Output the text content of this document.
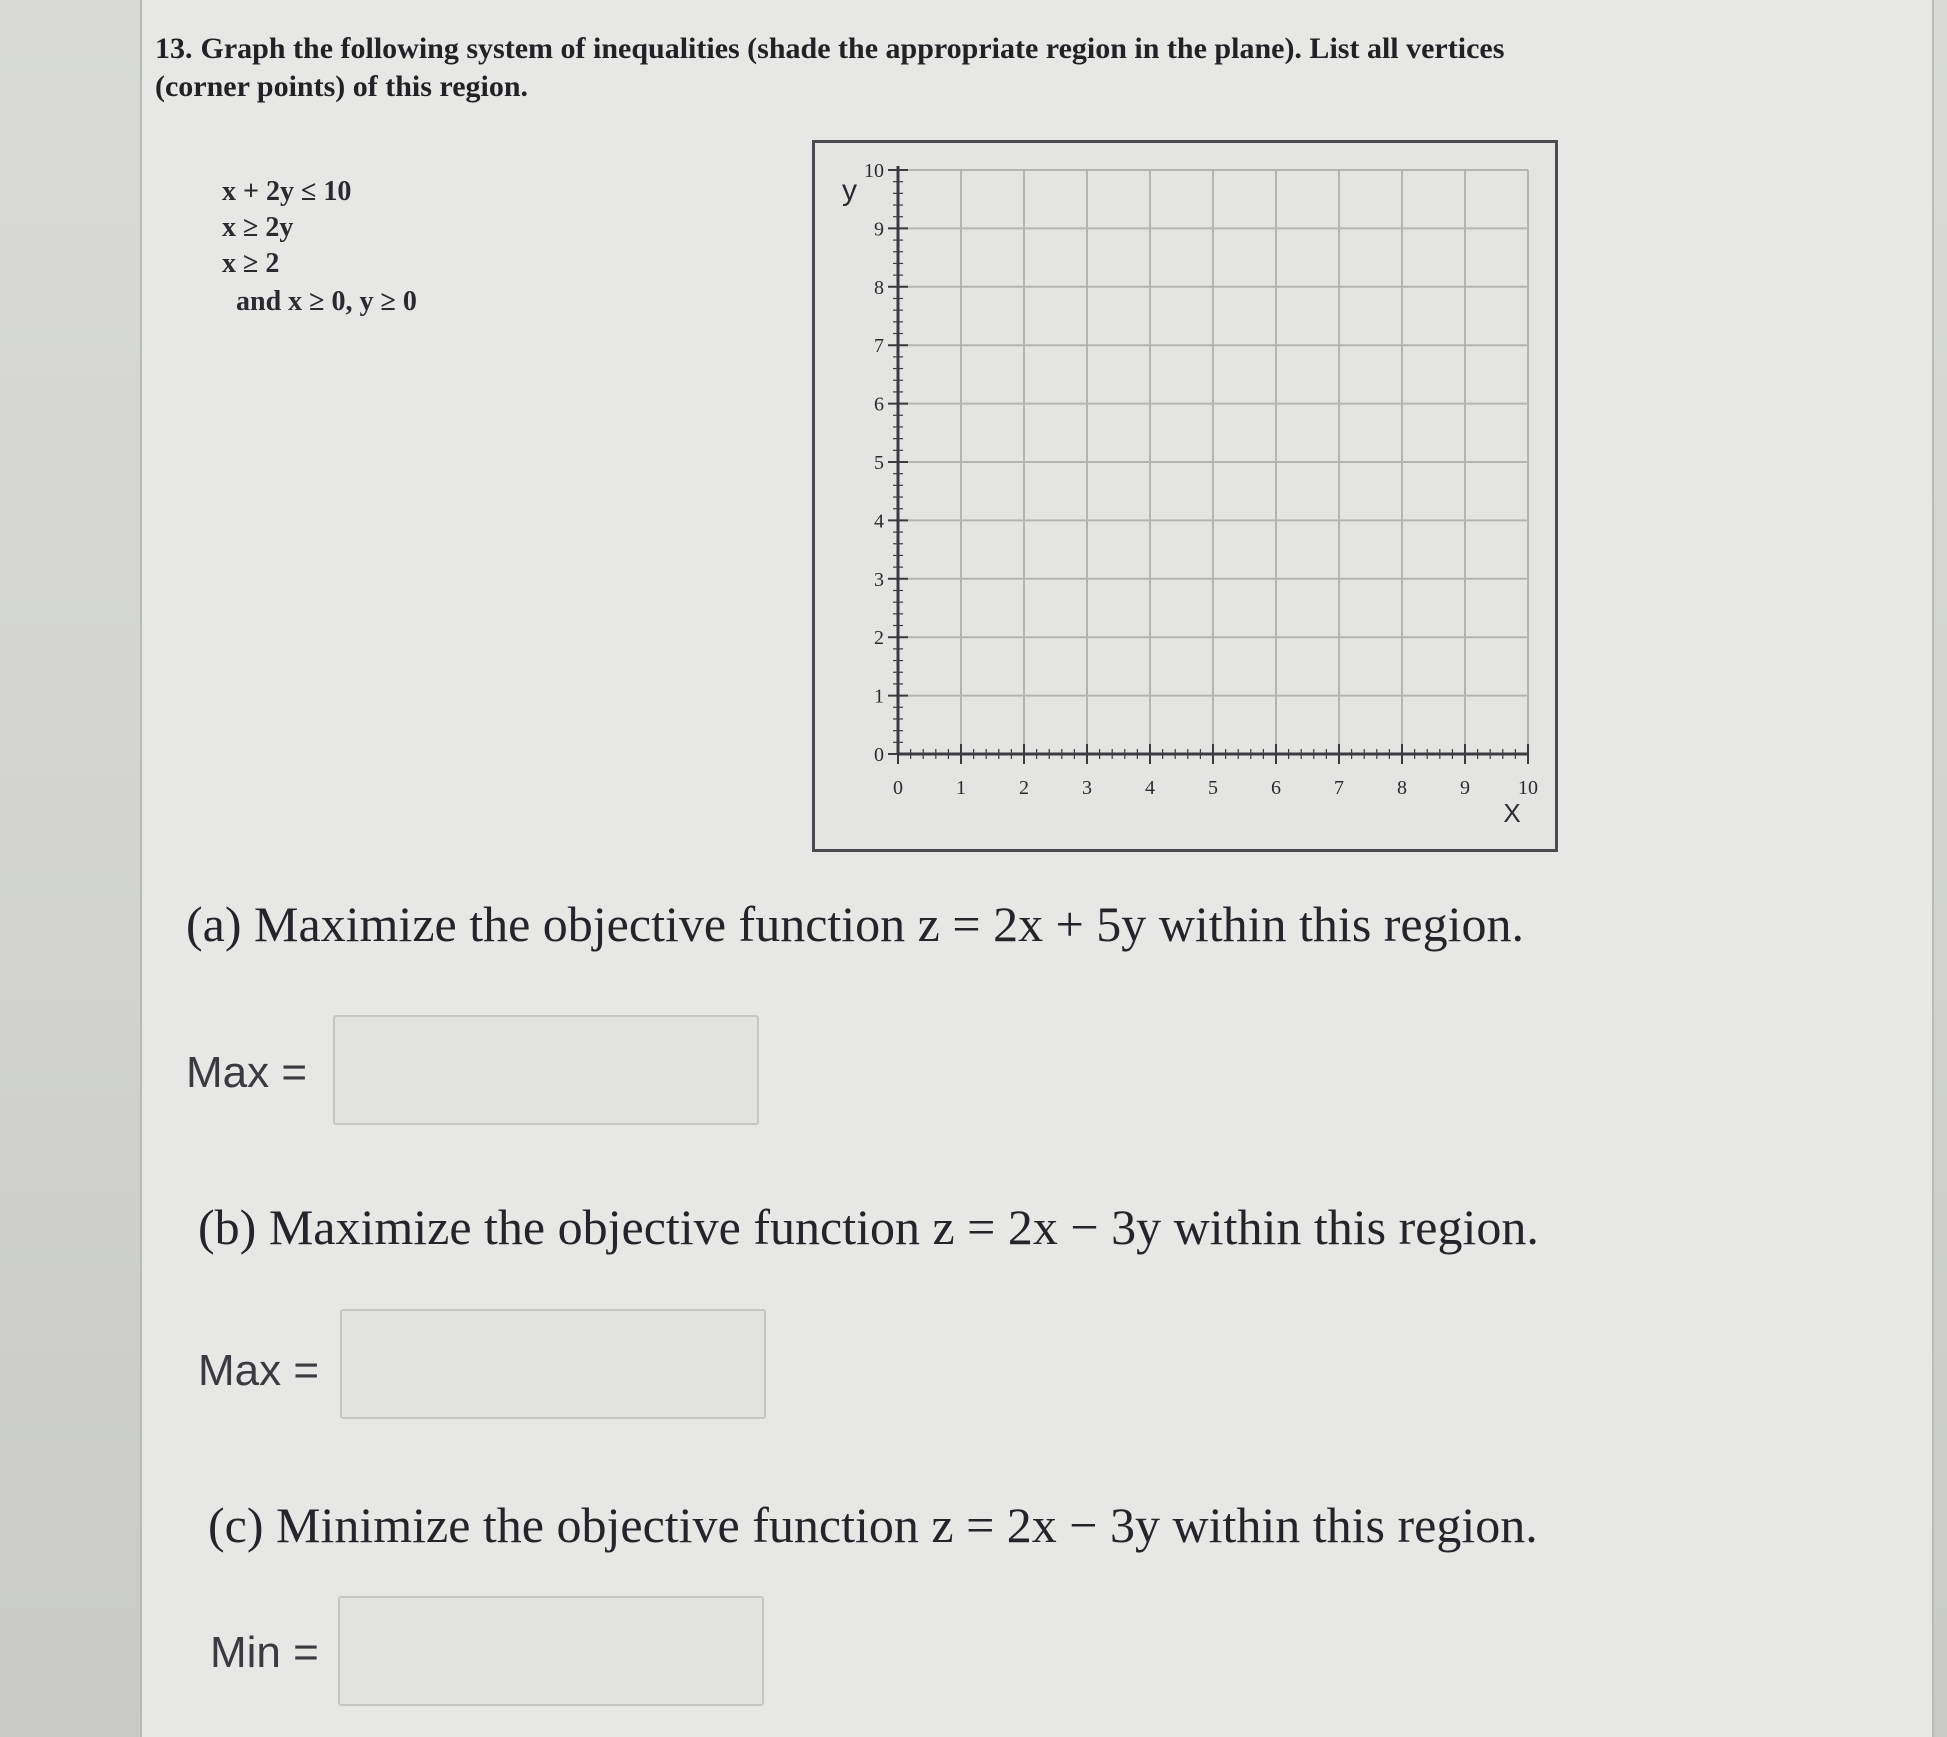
13. Graph the following system of inequalities (shade the appropriate region in the plane). List all vertices (corner points) of this region.
x + 2y ≤ 10
x ≥ 2y
x ≥ 2
and x ≥ 0, y ≥ 0
0	1	2	3	4	5	6	7	8	9 10
0
1
2
3
4
5
6
7
8
9
10
y
X
(a) Maximize the objective function z = 2x + 5y within this region.
Max =
(b) Maximize the objective function z = 2x − 3y within this region.
Max =
(c) Minimize the objective function z = 2x − 3y within this region.
Min =
